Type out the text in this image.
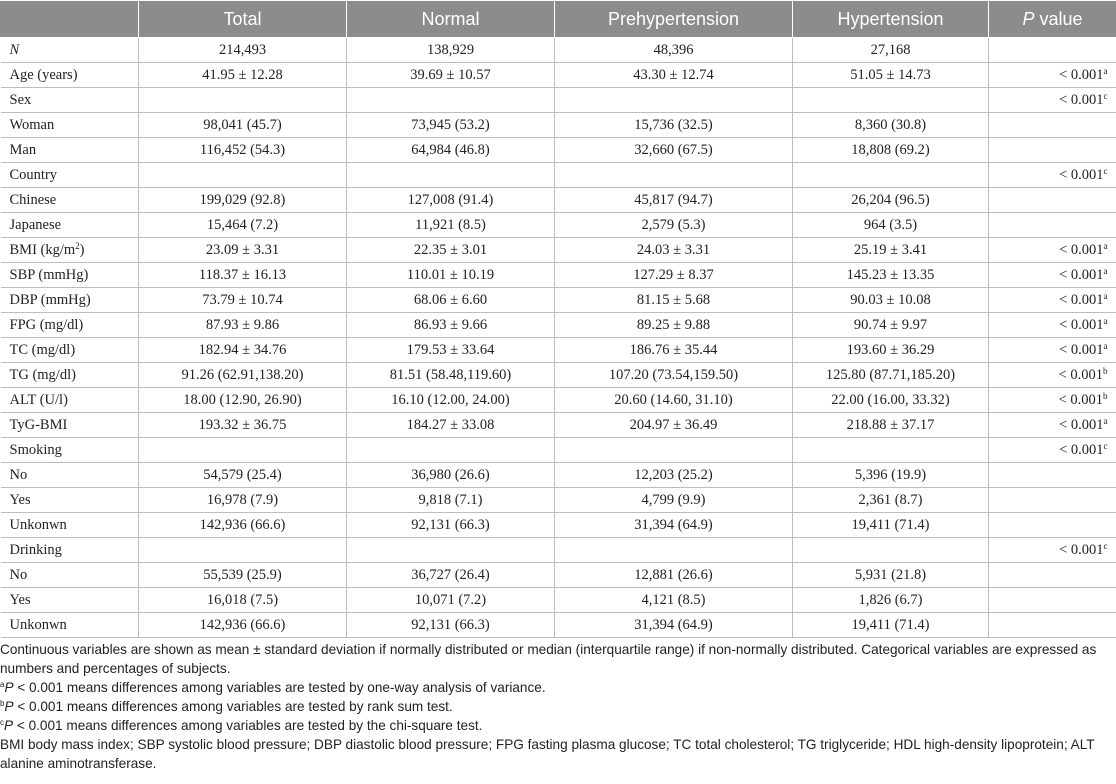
	Total	Normal	Prehypertension	Hypertension	P value
N	214,493	138,929	48,396	27,168	
Age (years)	41.95 ± 12.28	39.69 ± 10.57	43.30 ± 12.74	51.05 ± 14.73	< 0.001$^a$
Sex					< 0.001$^c$
Woman	98,041 (45.7)	73,945 (53.2)	15,736 (32.5)	8,360 (30.8)	
Man	116,452 (54.3)	64,984 (46.8)	32,660 (67.5)	18,808 (69.2)	
Country					< 0.001$^c$
Chinese	199,029 (92.8)	127,008 (91.4)	45,817 (94.7)	26,204 (96.5)	
Japanese	15,464 (7.2)	11,921 (8.5)	2,579 (5.3)	964 (3.5)	
BMI $(kg/m^2)$	23.09 ± 3.31	22.35 ± 3.01	24.03 ± 3.31	25.19 ± 3.41	< 0.001$^a$
SBP (mmHg)	118.37 ± 16.13	110.01 ± 10.19	127.29 ± 8.37	145.23 ± 13.35	< 0.001$^a$
DBP (mmHg)	73.79 ± 10.74	68.06 ± 6.60	81.15 ± 5.68	90.03 ± 10.08	< 0.001$^a$
FPG (mg/dl)	87.93 ± 9.86	86.93 ± 9.66	89.25 ± 9.88	90.74 ± 9.97	< 0.001$^a$
TC (mg/dl)	182.94 ± 34.76	179.53 ± 33.64	186.76 ± 35.44	193.60 ± 36.29	< 0.001$^a$
TG (mg/dl)	91.26 (62.91,138.20)	81.51 (58.48,119.60)	107.20 (73.54,159.50)	125.80 (87.71,185.20)	< 0.001$^b$
ALT (U/l)	18.00 (12.90, 26.90)	16.10 (12.00, 24.00)	20.60 (14.60, 31.10)	22.00 (16.00, 33.32)	< 0.001$^b$
TyG-BMI	193.32 ± 36.75	184.27 ± 33.08	204.97 ± 36.49	218.88 ± 37.17	< 0.001$^a$
Smoking					< 0.001$^c$
No	54,579 (25.4)	36,980 (26.6)	12,203 (25.2)	5,396 (19.9)	
Yes	16,978 (7.9)	9,818 (7.1)	4,799 (9.9)	2,361 (8.7)	
Unkonwn	142,936 (66.6)	92,131 (66.3)	31,394 (64.9)	19,411 (71.4)	
Drinking					< 0.001$^c$
No	55,539 (25.9)	36,727 (26.4)	12,881 (26.6)	5,931 (21.8)	
Yes	16,018 (7.5)	10,071 (7.2)	4,121 (8.5)	1,826 (6.7)	
Unkonwn	142,936 (66.6)	92,131 (66.3)	31,394 (64.9)	19,411 (71.4)	

Continuous variables are shown as mean ± standard deviation if normally distributed or median (interquartile range) if non-normally distributed. Categorical variables are expressed as numbers and percentages of subjects.

$^a$P < 0.001 means differences among variables are tested by one-way analysis of variance.

$^b$P < 0.001 means differences among variables are tested by rank sum test.

$^c$P < 0.001 means differences among variables are tested by the chi-square test.

BMI body mass index; SBP systolic blood pressure; DBP diastolic blood pressure; FPG fasting plasma glucose; TC total cholesterol; TG triglyceride; HDL high-density lipoprotein; ALT alanine aminotransferase.
